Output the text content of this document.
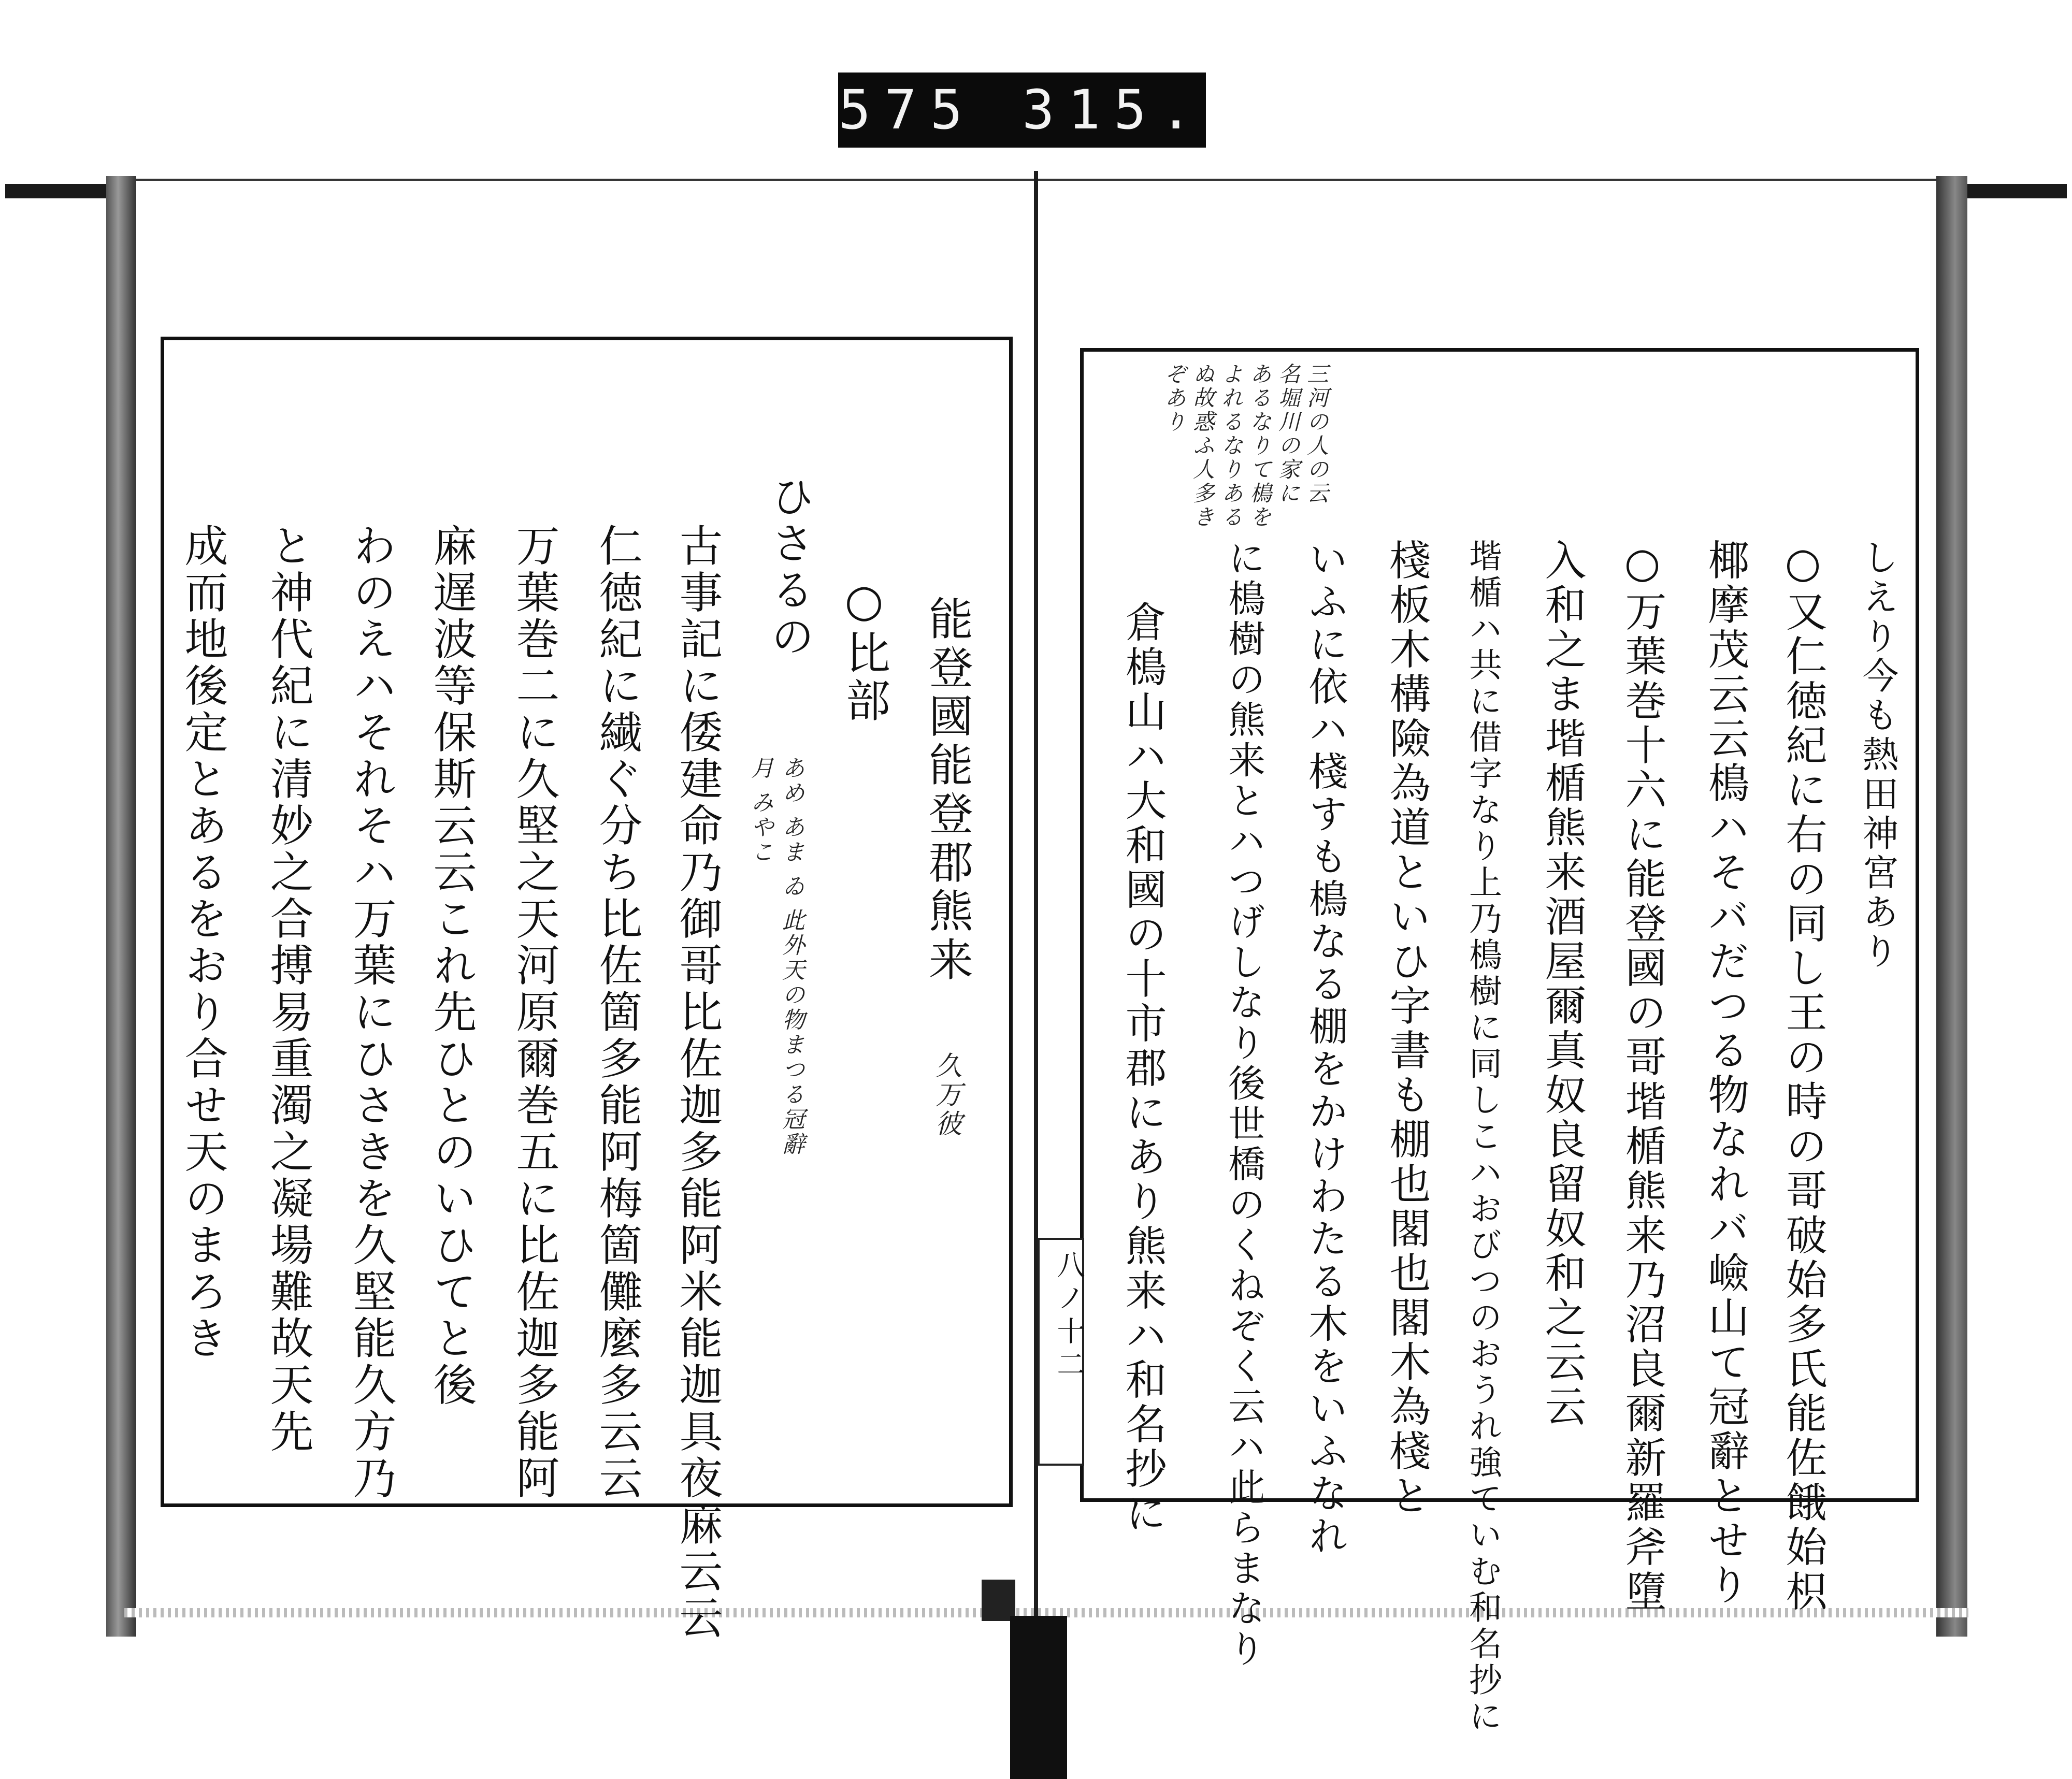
575 315.
能登國能登郡熊来
久万彼
○比部
あめ あま ゐ 此外天の物まつる冠辭
月 みやこ
ひさるの
古事記に倭建命乃御哥比佐迦多能阿米能迦具夜麻云云
仁徳紀に繊ぐ分ち比佐箇多能阿梅箇儺麼多云云
万葉巻二に久堅之天河原爾巻五に比佐迦多能阿
麻遅波等保斯云云これ先ひとのいひてと後
わのえハそれそハ万葉にひさきを久堅能久方乃
と神代紀に清妙之合搏易重濁之凝場難故天先
成而地後定とあるをおり合せ天のまろき	しえり今も熱田神宮あり
○又仁徳紀に右の同し王の時の哥破始多氏能佐餓始枳
椰摩茂云云樢ハそバだつる物なれバ嶮山て冠辭とせり
○万葉巻十六に能登國の哥堦楯熊来乃沼良爾新羅斧墮
入和之ま堦楯熊来酒屋爾真奴良留奴和之云云
堦楯ハ共に借字なり上乃樢樹に同しこハおびつのおうれ強ていむ和名抄に
棧板木構險為道といひ字書も棚也閣也閣木為棧と
いふに依ハ棧すも樢なる棚をかけわたる木をいふなれ
に樢樹の熊来とハつげしなり後世橋のくねぞく云ハ此らまなり
倉樢山ハ大和國の十市郡にあり熊来ハ和名抄に
三河の人の云
名堀川の家に
あるなりて樢を
よれるなりある
ぬ故惑ふ人多き
ぞあり
八ノ十二
